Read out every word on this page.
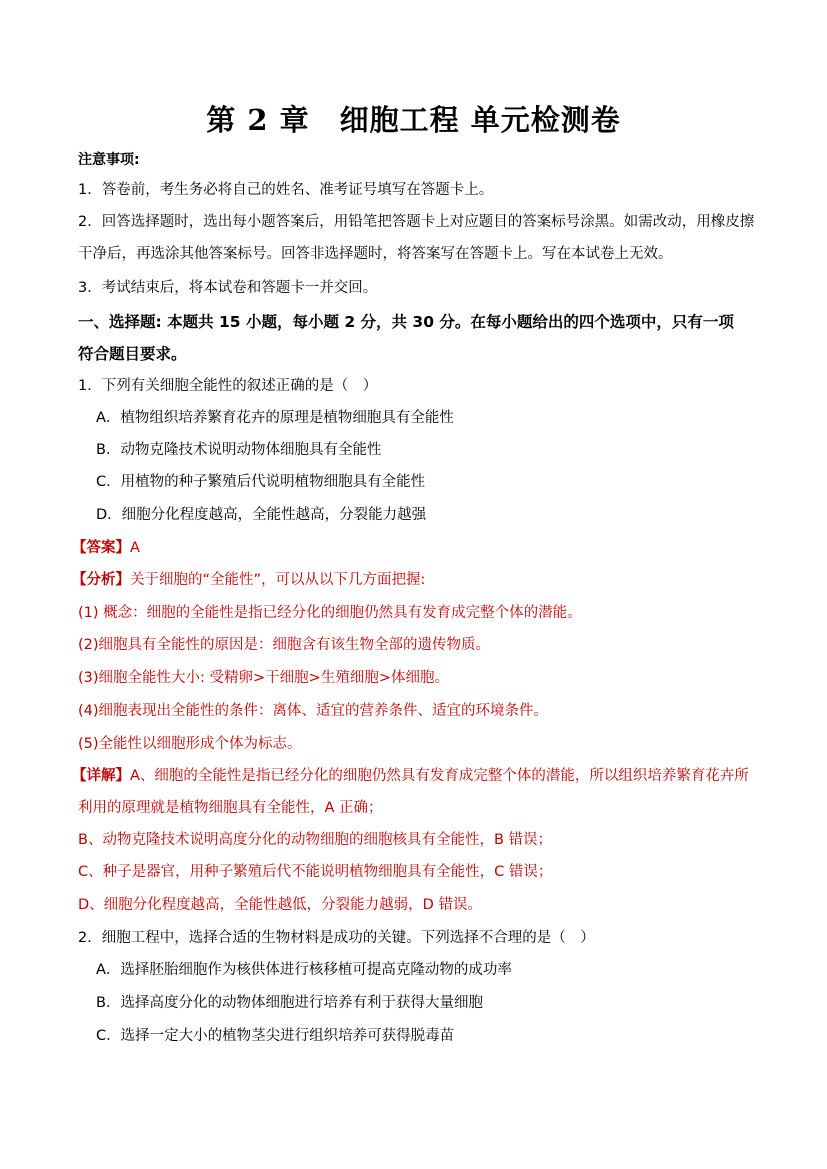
第 2 章　细胞工程 单元检测卷
注意事项:
1．答卷前，考生务必将自己的姓名、准考证号填写在答题卡上。
2．回答选择题时，选出每小题答案后，用铅笔把答题卡上对应题目的答案标号涂黑。如需改动，用橡皮擦
干净后，再选涂其他答案标号。回答非选择题时，将答案写在答题卡上。写在本试卷上无效。
3．考试结束后，将本试卷和答题卡一并交回。
一、选择题: 本题共 15 小题，每小题 2 分，共 30 分。在每小题给出的四个选项中，只有一项
符合题目要求。
1．下列有关细胞全能性的叙述正确的是（　）
A．植物组织培养繁育花卉的原理是植物细胞具有全能性
B．动物克隆技术说明动物体细胞具有全能性
C．用植物的种子繁殖后代说明植物细胞具有全能性
D．细胞分化程度越高，全能性越高，分裂能力越强
【答案】A
【分析】关于细胞的“全能性”，可以从以下几方面把握:
(1) 概念：细胞的全能性是指已经分化的细胞仍然具有发育成完整个体的潜能。
(2)细胞具有全能性的原因是：细胞含有该生物全部的遗传物质。
(3)细胞全能性大小: 受精卵>干细胞>生殖细胞>体细胞。
(4)细胞表现出全能性的条件：离体、适宜的营养条件、适宜的环境条件。
(5)全能性以细胞形成个体为标志。
【详解】A、细胞的全能性是指已经分化的细胞仍然具有发育成完整个体的潜能，所以组织培养繁育花卉所
利用的原理就是植物细胞具有全能性，A 正确；
B、动物克隆技术说明高度分化的动物细胞的细胞核具有全能性，B 错误；
C、种子是器官，用种子繁殖后代不能说明植物细胞具有全能性，C 错误；
D、细胞分化程度越高，全能性越低，分裂能力越弱，D 错误。
2．细胞工程中，选择合适的生物材料是成功的关键。下列选择不合理的是（　）
A．选择胚胎细胞作为核供体进行核移植可提高克隆动物的成功率
B．选择高度分化的动物体细胞进行培养有利于获得大量细胞
C．选择一定大小的植物茎尖进行组织培养可获得脱毒苗
